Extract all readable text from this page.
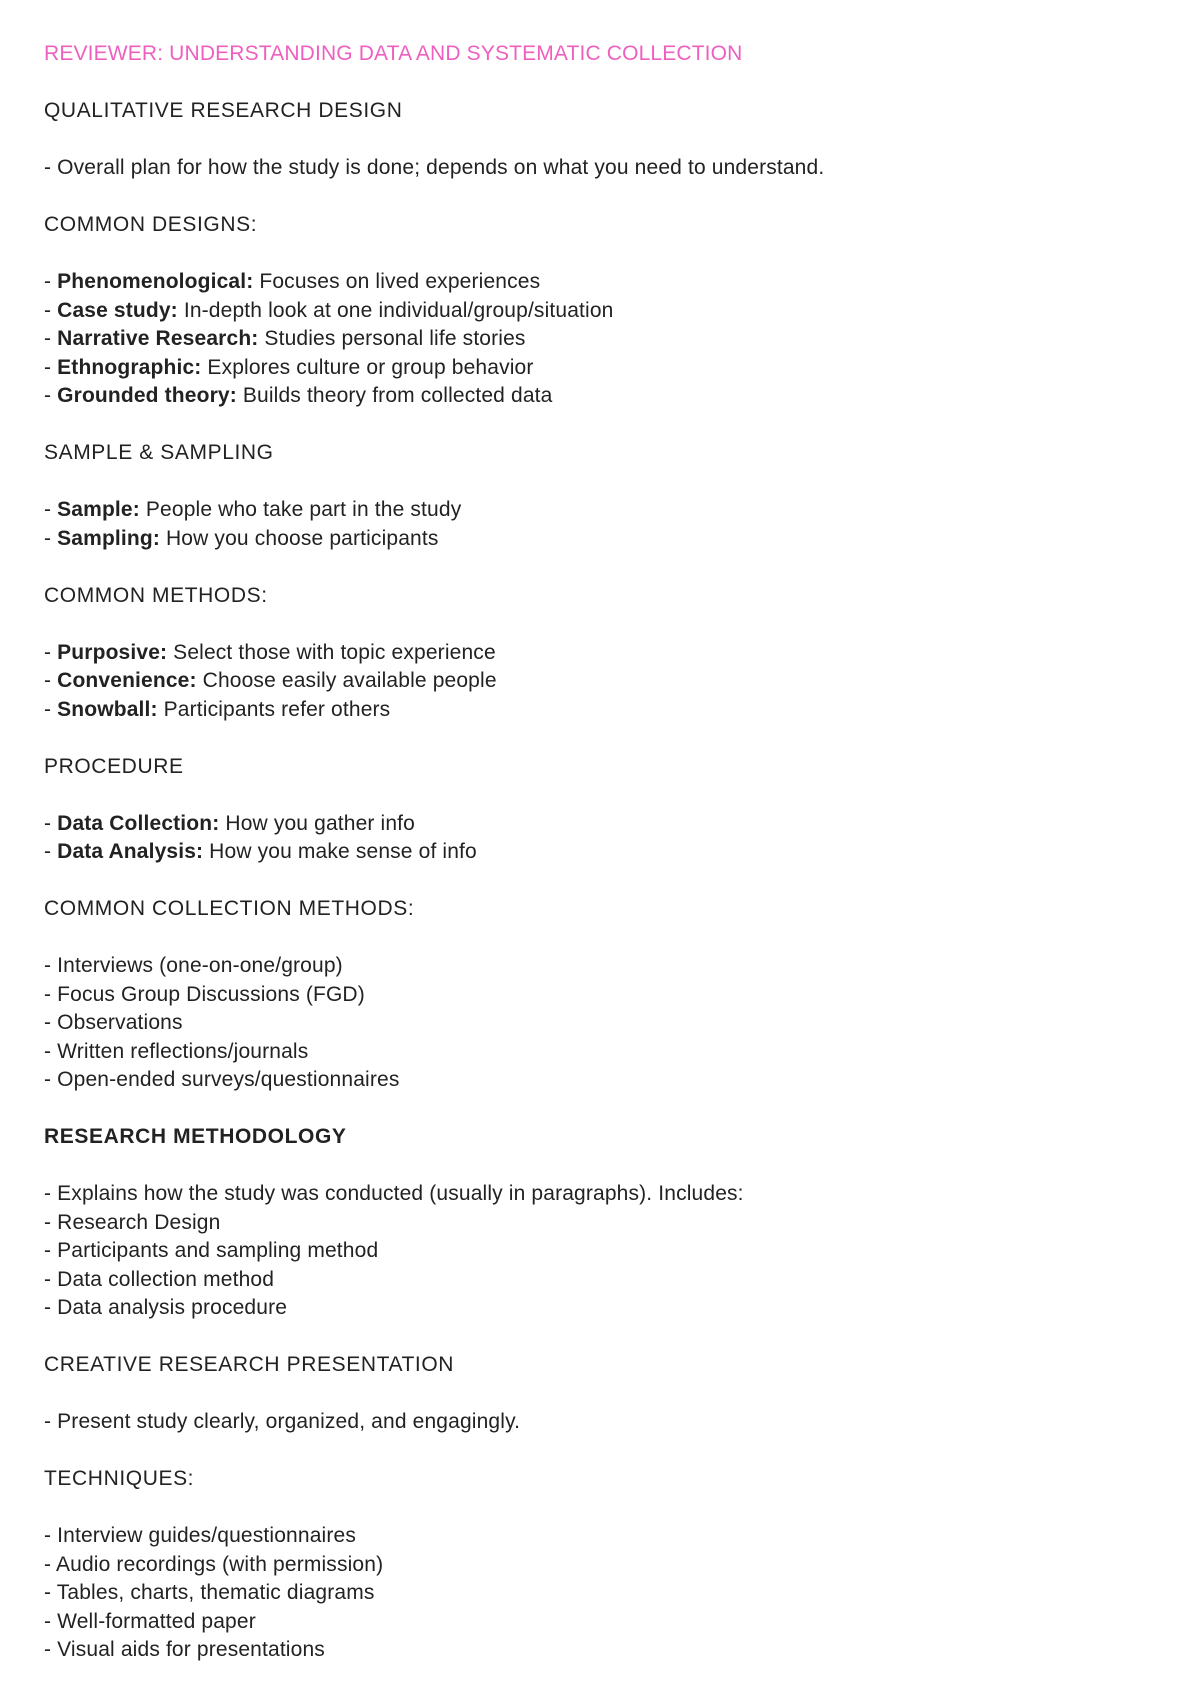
REVIEWER: UNDERSTANDING DATA AND SYSTEMATIC COLLECTION
QUALITATIVE RESEARCH DESIGN
- Overall plan for how the study is done; depends on what you need to understand.
COMMON DESIGNS:
- Phenomenological: Focuses on lived experiences
- Case study: In-depth look at one individual/group/situation
- Narrative Research: Studies personal life stories
- Ethnographic: Explores culture or group behavior
- Grounded theory: Builds theory from collected data
SAMPLE & SAMPLING
- Sample: People who take part in the study
- Sampling: How you choose participants
COMMON METHODS:
- Purposive: Select those with topic experience
- Convenience: Choose easily available people
- Snowball: Participants refer others
PROCEDURE
- Data Collection: How you gather info
- Data Analysis: How you make sense of info
COMMON COLLECTION METHODS:
- Interviews (one-on-one/group)
- Focus Group Discussions (FGD)
- Observations
- Written reflections/journals
- Open-ended surveys/questionnaires
RESEARCH METHODOLOGY
- Explains how the study was conducted (usually in paragraphs). Includes:
- Research Design
- Participants and sampling method
- Data collection method
- Data analysis procedure
CREATIVE RESEARCH PRESENTATION
- Present study clearly, organized, and engagingly.
TECHNIQUES:
- Interview guides/questionnaires
- Audio recordings (with permission)
- Tables, charts, thematic diagrams
- Well-formatted paper
- Visual aids for presentations
